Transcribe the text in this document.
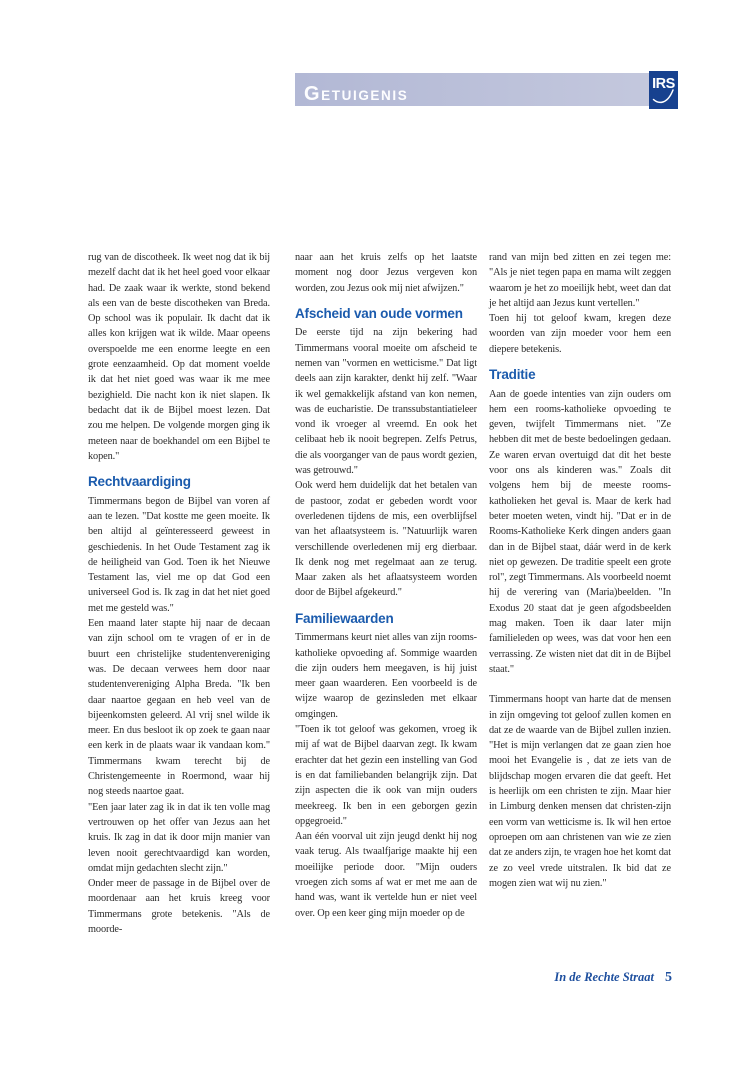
GETUIGENIS
IRS

rug van de discotheek. Ik weet nog dat ik bij mezelf dacht dat ik het heel goed voor elkaar had. De zaak waar ik werkte, stond bekend als een van de beste discotheken van Breda. Op school was ik populair. Ik dacht dat ik alles kon krijgen wat ik wilde. Maar opeens overspoelde me een enorme leegte en een grote eenzaamheid. Op dat moment voelde ik dat het niet goed was waar ik me mee bezighield. Die nacht kon ik niet slapen. Ik bedacht dat ik de Bijbel moest lezen. Dat zou me helpen. De volgende morgen ging ik meteen naar de boekhandel om een Bijbel te kopen."

Rechtvaardiging

Timmermans begon de Bijbel van voren af aan te lezen. "Dat kostte me geen moeite. Ik ben altijd al geïnteresseerd geweest in geschiedenis. In het Oude Testament zag ik de heiligheid van God. Toen ik het Nieuwe Testament las, viel me op dat God een universeel God is. Ik zag in dat het niet goed met me gesteld was."

Een maand later stapte hij naar de decaan van zijn school om te vragen of er in de buurt een christelijke studentenvereniging was. De decaan verwees hem door naar studentenvereniging Alpha Breda. "Ik ben daar naartoe gegaan en heb veel van de bijeenkomsten geleerd. Al vrij snel wilde ik meer. En dus besloot ik op zoek te gaan naar een kerk in de plaats waar ik vandaan kom." Timmermans kwam terecht bij de Christengemeente in Roermond, waar hij nog steeds naartoe gaat.

"Een jaar later zag ik in dat ik ten volle mag vertrouwen op het offer van Jezus aan het kruis. Ik zag in dat ik door mijn manier van leven nooit gerechtvaardigd kan worden, omdat mijn gedachten slecht zijn."

Onder meer de passage in de Bijbel over de moordenaar aan het kruis kreeg voor Timmermans grote betekenis. "Als de moorde-

naar aan het kruis zelfs op het laatste moment nog door Jezus vergeven kon worden, zou Jezus ook mij niet afwijzen."

Afscheid van oude vormen

De eerste tijd na zijn bekering had Timmermans vooral moeite om afscheid te nemen van "vormen en wetticisme." Dat ligt deels aan zijn karakter, denkt hij zelf. "Waar ik wel gemakkelijk afstand van kon nemen, was de eucharistie. De transsubstantiatieleer vond ik vroeger al vreemd. En ook het celibaat heb ik nooit begrepen. Zelfs Petrus, die als voorganger van de paus wordt gezien, was getrouwd."

Ook werd hem duidelijk dat het betalen van de pastoor, zodat er gebeden wordt voor overledenen tijdens de mis, een overblijfsel van het aflaatsysteem is. "Natuurlijk waren verschillende overledenen mij erg dierbaar. Ik denk nog met regelmaat aan ze terug. Maar zaken als het aflaatsysteem worden door de Bijbel afgekeurd."

Familiewaarden

Timmermans keurt niet alles van zijn rooms-katholieke opvoeding af. Sommige waarden die zijn ouders hem meegaven, is hij juist meer gaan waarderen. Een voorbeeld is de wijze waarop de gezinsleden met elkaar omgingen.

"Toen ik tot geloof was gekomen, vroeg ik mij af wat de Bijbel daarvan zegt. Ik kwam erachter dat het gezin een instelling van God is en dat familiebanden belangrijk zijn. Dat zijn aspecten die ik ook van mijn ouders meekreeg. Ik ben in een geborgen gezin opgegroeid."

Aan één voorval uit zijn jeugd denkt hij nog vaak terug. Als twaalfjarige maakte hij een moeilijke periode door. "Mijn ouders vroegen zich soms af wat er met me aan de hand was, want ik vertelde hun er niet veel over. Op een keer ging mijn moeder op de

rand van mijn bed zitten en zei tegen me: "Als je niet tegen papa en mama wilt zeggen waarom je het zo moeilijk hebt, weet dan dat je het altijd aan Jezus kunt vertellen."

Toen hij tot geloof kwam, kregen deze woorden van zijn moeder voor hem een diepere betekenis.

Traditie

Aan de goede intenties van zijn ouders om hem een rooms-katholieke opvoeding te geven, twijfelt Timmermans niet. "Ze hebben dit met de beste bedoelingen gedaan. Ze waren ervan overtuigd dat dit het beste voor ons als kinderen was." Zoals dit volgens hem bij de meeste rooms-katholieken het geval is. Maar de kerk had beter moeten weten, vindt hij. "Dat er in de Rooms-Katholieke Kerk dingen anders gaan dan in de Bijbel staat, dáár werd in de kerk niet op gewezen. De traditie speelt een grote rol", zegt Timmermans. Als voorbeeld noemt hij de verering van (Maria)beelden. "In Exodus 20 staat dat je geen afgodsbeelden mag maken. Toen ik daar later mijn familieleden op wees, was dat voor hen een verrassing. Ze wisten niet dat dit in de Bijbel staat."

Timmermans hoopt van harte dat de mensen in zijn omgeving tot geloof zullen komen en dat ze de waarde van de Bijbel zullen inzien. "Het is mijn verlangen dat ze gaan zien hoe mooi het Evangelie is , dat ze iets van de blijdschap mogen ervaren die dat geeft. Het is heerlijk om een christen te zijn. Maar hier in Limburg denken mensen dat christen-zijn een vorm van wetticisme is. Ik wil hen ertoe oproepen om aan christenen van wie ze zien dat ze anders zijn, te vragen hoe het komt dat ze zo veel vrede uitstralen. Ik bid dat ze mogen zien wat wij nu zien."

In de Rechte Straat 5
